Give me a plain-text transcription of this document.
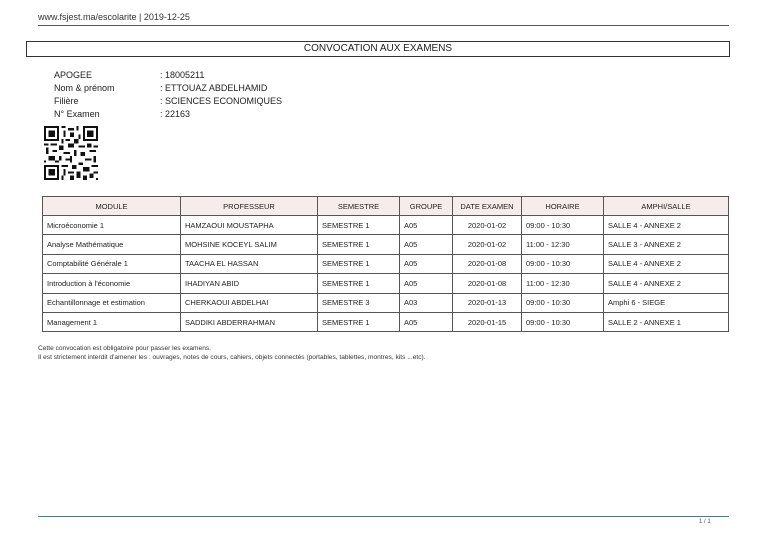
www.fsjest.ma/escolarite | 2019-12-25
CONVOCATION AUX EXAMENS
APOGEE	: 18005211
Nom & prénom	: ETTOUAZ ABDELHAMID
Filière	: SCIENCES ECONOMIQUES
N° Examen	: 22163
MODULE	PROFESSEUR	SEMESTRE	GROUPE	DATE EXAMEN	HORAIRE	AMPHI/SALLE
Microéconomie 1	HAMZAOUI MOUSTAPHA	SEMESTRE 1	A05	2020-01-02	09:00 - 10:30	SALLE 4 - ANNEXE 2
Analyse Mathématique	MOHSINE KOCEYL SALIM	SEMESTRE 1	A05	2020-01-02	11:00 - 12:30	SALLE 3 - ANNEXE 2
Comptabilité Générale 1	TAACHA EL HASSAN	SEMESTRE 1	A05	2020-01-08	09:00 - 10:30	SALLE 4 - ANNEXE 2
Introduction à l'économie	IHADIYAN ABID	SEMESTRE 1	A05	2020-01-08	11:00 - 12:30	SALLE 4 - ANNEXE 2
Echantillonnage et estimation	CHERKAOUI ABDELHAI	SEMESTRE 3	A03	2020-01-13	09:00 - 10:30	Amphi 6 - SIEGE
Management 1	SADDIKI ABDERRAHMAN	SEMESTRE 1	A05	2020-01-15	09:00 - 10:30	SALLE 2 - ANNEXE 1
Cette convocation est obligatoire pour passer les examens.
Il est strictement interdit d'amener les : ouvrages, notes de cours, cahiers, objets connectés (portables, tablettes, montres, kits ...etc).
1 / 1
